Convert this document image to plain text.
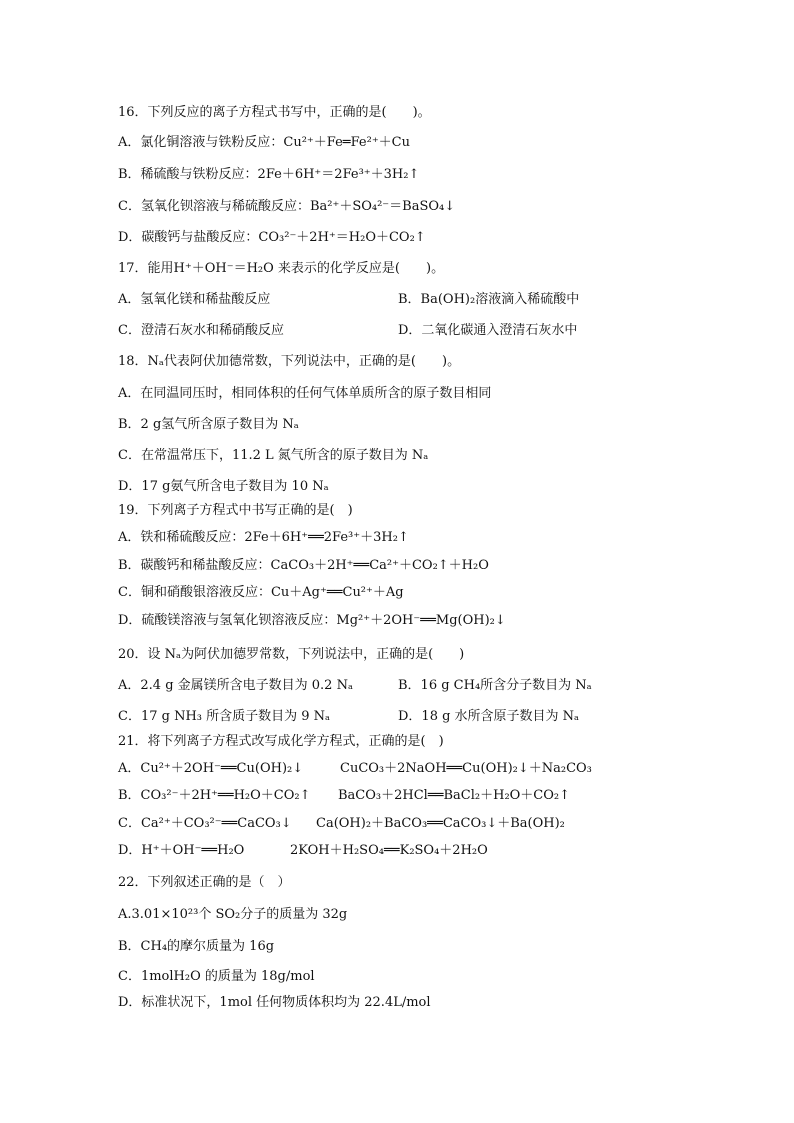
16．下列反应的离子方程式书写中，正确的是(　　)。
A．氯化铜溶液与铁粉反应：Cu²⁺＋Fe═Fe²⁺＋Cu
B．稀硫酸与铁粉反应：2Fe＋6H⁺＝2Fe³⁺＋3H₂↑
C．氢氧化钡溶液与稀硫酸反应：Ba²⁺＋SO₄²⁻＝BaSO₄↓
D．碳酸钙与盐酸反应：CO₃²⁻＋2H⁺＝H₂O＋CO₂↑
17．能用H⁺＋OH⁻＝H₂O 来表示的化学反应是(　　)。
A．氢氧化镁和稀盐酸反应	B．Ba(OH)₂溶液滴入稀硫酸中
C．澄清石灰水和稀硝酸反应	D．二氧化碳通入澄清石灰水中
18．Nₐ代表阿伏加德常数，下列说法中，正确的是(　　)。
A．在同温同压时，相同体积的任何气体单质所含的原子数目相同
B．2 g氢气所含原子数目为 Nₐ
C．在常温常压下，11.2 L 氮气所含的原子数目为 Nₐ
D．17 g氨气所含电子数目为 10 Nₐ
19．下列离子方程式中书写正确的是(　)
A．铁和稀硫酸反应：2Fe＋6H⁺══2Fe³⁺＋3H₂↑
B．碳酸钙和稀盐酸反应：CaCO₃＋2H⁺══Ca²⁺＋CO₂↑＋H₂O
C．铜和硝酸银溶液反应：Cu＋Ag⁺══Cu²⁺＋Ag
D．硫酸镁溶液与氢氧化钡溶液反应：Mg²⁺＋2OH⁻══Mg(OH)₂↓
20．设 Nₐ为阿伏加德罗常数，下列说法中，正确的是(　　)
A．2.4 g 金属镁所含电子数目为 0.2 Nₐ	B．16 g CH₄所含分子数目为 Nₐ
C．17 g NH₃ 所含质子数目为 9 Nₐ	D．18 g 水所含原子数目为 Nₐ
21．将下列离子方程式改写成化学方程式，正确的是(　)
A．Cu²⁺＋2OH⁻══Cu(OH)₂↓	CuCO₃＋2NaOH══Cu(OH)₂↓＋Na₂CO₃
B．CO₃²⁻＋2H⁺══H₂O＋CO₂↑ BaCO₃＋2HCl══BaCl₂＋H₂O＋CO₂↑
C．Ca²⁺＋CO₃²⁻══CaCO₃↓ Ca(OH)₂＋BaCO₃══CaCO₃↓＋Ba(OH)₂
D．H⁺＋OH⁻══H₂O	2KOH＋H₂SO₄══K₂SO₄＋2H₂O
22．下列叙述正确的是（　）
A.3.01×10²³个 SO₂分子的质量为 32g
B．CH₄的摩尔质量为 16g
C．1molH₂O 的质量为 18g/mol
D．标准状况下，1mol 任何物质体积均为 22.4L/mol
